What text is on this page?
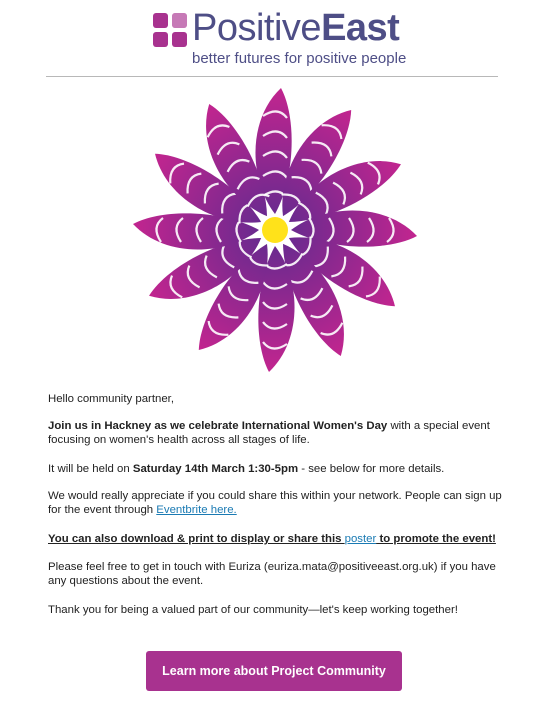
PositiveEast
better futures for positive people

Hello community partner,

Join us in Hackney as we celebrate International Women's Day with a special event focusing on women's health across all stages of life.

It will be held on Saturday 14th March 1:30-5pm - see below for more details.

We would really appreciate if you could share this within your network. People can sign up for the event through Eventbrite here.

You can also download & print to display or share this poster to promote the event!

Please feel free to get in touch with Euriza (euriza.mata@positiveeast.org.uk) if you have any questions about the event.

Thank you for being a valued part of our community—let's keep working together!

Learn more about Project Community
